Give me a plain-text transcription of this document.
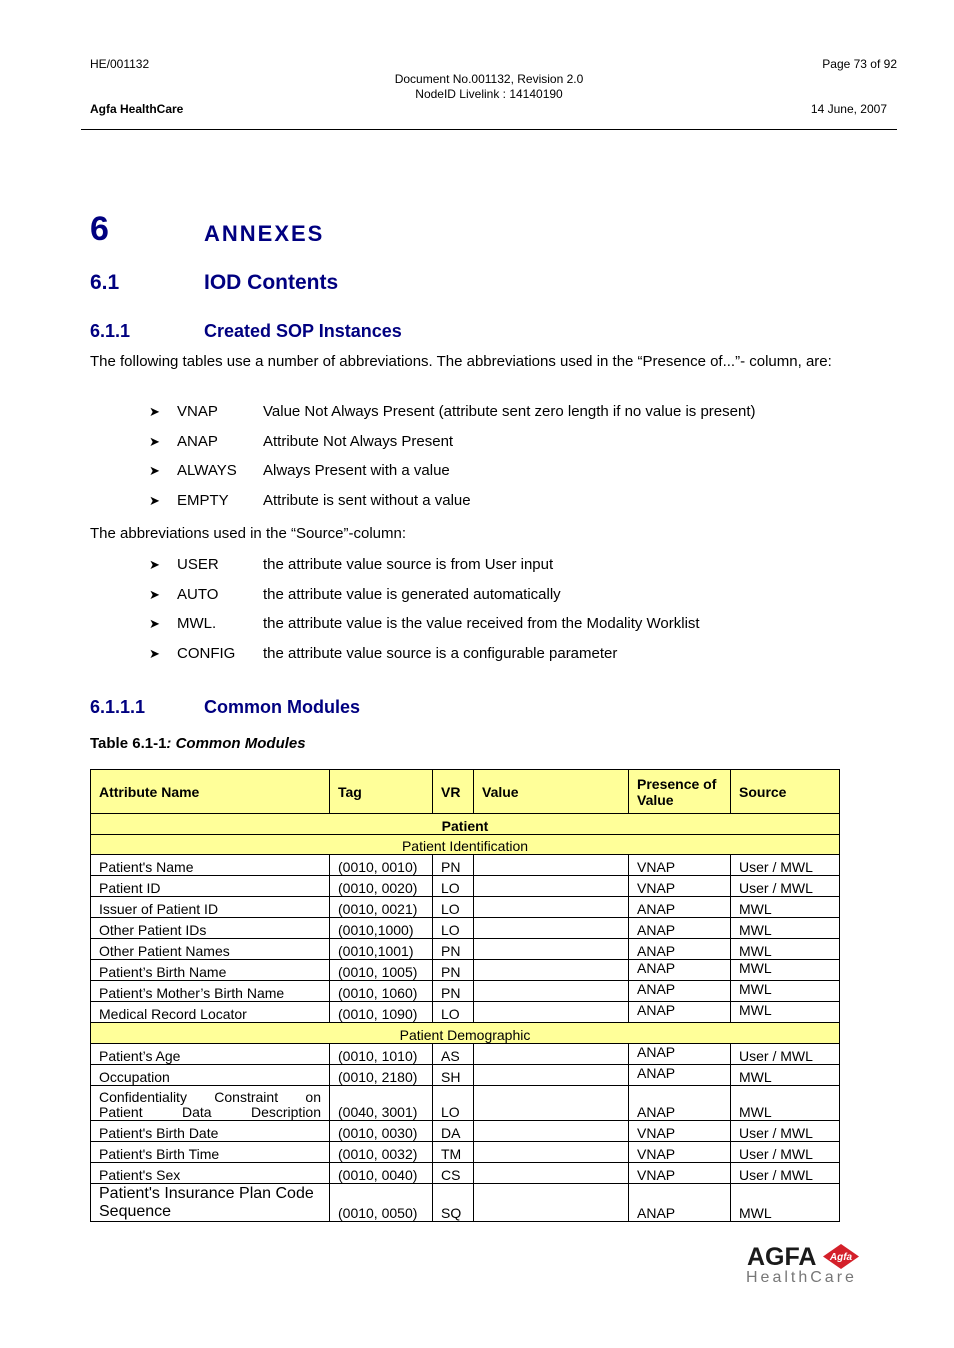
HE/001132
Agfa HealthCare
Document No.001132, Revision 2.0
NodeID Livelink : 14140190
Page 73 of 92
14 June, 2007
6	ANNEXES
6.1	IOD Contents
6.1.1	Created SOP Instances
The following tables use a number of abbreviations. The abbreviations used in the “Presence of...”- column, are:
➤ VNAP	Value Not Always Present (attribute sent zero length if no value is present)
➤ ANAP	Attribute Not Always Present
➤ ALWAYS Always Present with a value
➤ EMPTY Attribute is sent without a value
The abbreviations used in the “Source”-column:
➤ USER	the attribute value source is from User input
➤ AUTO	the attribute value is generated automatically
➤ MWL.	the attribute value is the value received from the Modality Worklist
➤ CONFIG the attribute value source is a configurable parameter
6.1.1.1	Common Modules
Table 6.1-1: Common Modules
Attribute Name	Tag	VR	Value	Presence of Value	Source
Patient					
Patient Identification					
Patient's Name	(0010, 0010)	PN		VNAP	User / MWL
Patient ID	(0010, 0020)	LO		VNAP	User / MWL
Issuer of Patient ID	(0010, 0021)	LO		ANAP	MWL
Other Patient IDs	(0010,1000)	LO		ANAP	MWL
Other Patient Names	(0010,1001)	PN		ANAP	MWL
Patient’s Birth Name	(0010, 1005)	PN		ANAP	MWL
Patient’s Mother’s Birth Name	(0010, 1060)	PN		ANAP	MWL
Medical Record Locator	(0010, 1090)	LO		ANAP	MWL
Patient Demographic					
Patient’s Age	(0010, 1010)	AS		ANAP	User / MWL
Occupation	(0010, 2180)	SH		ANAP	MWL
Confidentiality Constraint on Patient Data Description	(0040, 3001)	LO		ANAP	MWL
Patient's Birth Date	(0010, 0030)	DA		VNAP	User / MWL
Patient's Birth Time	(0010, 0032)	TM		VNAP	User / MWL
Patient's Sex	(0010, 0040)	CS		VNAP	User / MWL
Patient's Insurance Plan Code Sequence	(0010, 0050)	SQ		ANAP	MWL
AGFA Agfa
HealthCare
